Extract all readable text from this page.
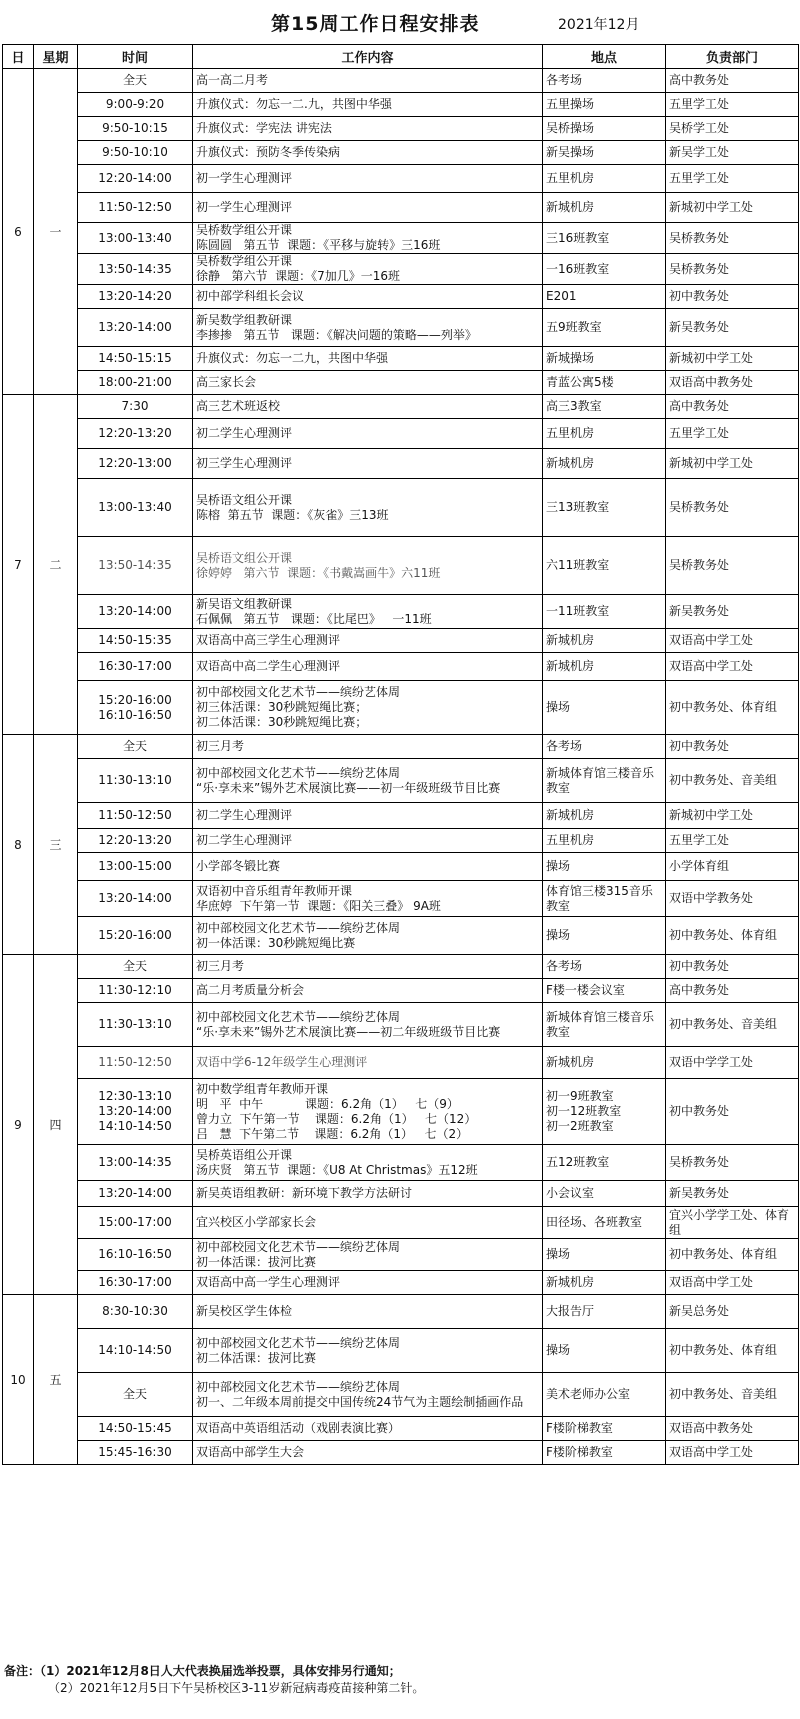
第15周工作日程安排表	2021年12月
日	星期	时间	工作内容	地点	负责部门
6	一	全天	高一高二月考	各考场	高中教务处
		9:00-9:20	升旗仪式：勿忘一二.九，共图中华强	五里操场	五里学工处
		9:50-10:15	升旗仪式：学宪法 讲宪法	吴桥操场	吴桥学工处
		9:50-10:10	升旗仪式：预防冬季传染病	新吴操场	新吴学工处
		12:20-14:00	初一学生心理测评	五里机房	五里学工处
		11:50-12:50	初一学生心理测评	新城机房	新城初中学工处
		13:00-13:40	吴桥数学组公开课
陈圆圆   第五节  课题：《平移与旋转》三16班	三16班教室	吴桥教务处
		13:50-14:35	吴桥数学组公开课
徐静   第六节  课题：《7加几》一16班	一16班教室	吴桥教务处
		13:20-14:20	初中部学科组长会议	E201	初中教务处
		13:20-14:00	新吴数学组教研课
李掺掺   第五节   课题：《解决问题的策略——列举》	五9班教室	新吴教务处
		14:50-15:15	升旗仪式：勿忘一二九，共图中华强	新城操场	新城初中学工处
		18:00-21:00	高三家长会	青蓝公寓5楼	双语高中教务处
7	二	7:30	高三艺术班返校	高三3教室	高中教务处
		12:20-13:20	初二学生心理测评	五里机房	五里学工处
		12:20-13:00	初三学生心理测评	新城机房	新城初中学工处
		13:00-13:40	吴桥语文组公开课
陈榕  第五节  课题：《灰雀》三13班	三13班教室	吴桥教务处
		13:50-14:35	吴桥语文组公开课
徐婷婷   第六节  课题：《书戴嵩画牛》六11班	六11班教室	吴桥教务处
		13:20-14:00	新吴语文组教研课
石佩佩   第五节   课题：《比尾巴》   一11班	一11班教室	新吴教务处
		14:50-15:35	双语高中高三学生心理测评	新城机房	双语高中学工处
		16:30-17:00	双语高中高二学生心理测评	新城机房	双语高中学工处
		15:20-16:00
16:10-16:50	初中部校园文化艺术节——缤纷艺体周
初三体活课：30秒跳短绳比赛；
初二体活课：30秒跳短绳比赛；	操场	初中教务处、体育组
8	三	全天	初三月考	各考场	初中教务处
		11:30-13:10	初中部校园文化艺术节——缤纷艺体周
“乐·享未来”锡外艺术展演比赛——初一年级班级节目比赛	新城体育馆三楼音乐教室	初中教务处、音美组
		11:50-12:50	初二学生心理测评	新城机房	新城初中学工处
		12:20-13:20	初二学生心理测评	五里机房	五里学工处
		13:00-15:00	小学部冬锻比赛	操场	小学体育组
		13:20-14:00	双语初中音乐组青年教师开课
华庶婷  下午第一节  课题：《阳关三叠》 9A班	体育馆三楼315音乐教室	双语中学教务处
		15:20-16:00	初中部校园文化艺术节——缤纷艺体周
初一体活课：30秒跳短绳比赛	操场	初中教务处、体育组
9	四	全天	初三月考	各考场	初中教务处
		11:30-12:10	高二月考质量分析会	F楼一楼会议室	高中教务处
		11:30-13:10	初中部校园文化艺术节——缤纷艺体周
“乐·享未来”锡外艺术展演比赛——初二年级班级节目比赛	新城体育馆三楼音乐教室	初中教务处、音美组
		11:50-12:50	双语中学6-12年级学生心理测评	新城机房	双语中学学工处
		12:30-13:10
13:20-14:00
14:10-14:50	初中数学组青年教师开课
明   平  中午           课题：6.2角（1）   七（9）
曾力立  下午第一节    课题：6.2角（1）   七（12）
吕   慧  下午第二节    课题：6.2角（1）   七（2）	初一9班教室
初一12班教室
初一2班教室	初中教务处
		13:00-14:35	吴桥英语组公开课
汤庆贤   第五节  课题：《U8 At Christmas》五12班	五12班教室	吴桥教务处
		13:20-14:00	新吴英语组教研：新环境下教学方法研讨	小会议室	新吴教务处
		15:00-17:00	宜兴校区小学部家长会	田径场、各班教室	宜兴小学学工处、体育组
		16:10-16:50	初中部校园文化艺术节——缤纷艺体周
初一体活课：拔河比赛	操场	初中教务处、体育组
		16:30-17:00	双语高中高一学生心理测评	新城机房	双语高中学工处
10	五	8:30-10:30	新吴校区学生体检	大报告厅	新吴总务处
		14:10-14:50	初中部校园文化艺术节——缤纷艺体周
初二体活课：拔河比赛	操场	初中教务处、体育组
		全天	初中部校园文化艺术节——缤纷艺体周
初一、二年级本周前提交中国传统24节气为主题绘制插画作品	美术老师办公室	初中教务处、音美组
		14:50-15:45	双语高中英语组活动（戏剧表演比赛）	F楼阶梯教室	双语高中教务处
		15:45-16:30	双语高中部学生大会	F楼阶梯教室	双语高中学工处
备注：（1）2021年12月8日人大代表换届选举投票，具体安排另行通知；
（2）2021年12月5日下午吴桥校区3-11岁新冠病毒疫苗接种第二针。
